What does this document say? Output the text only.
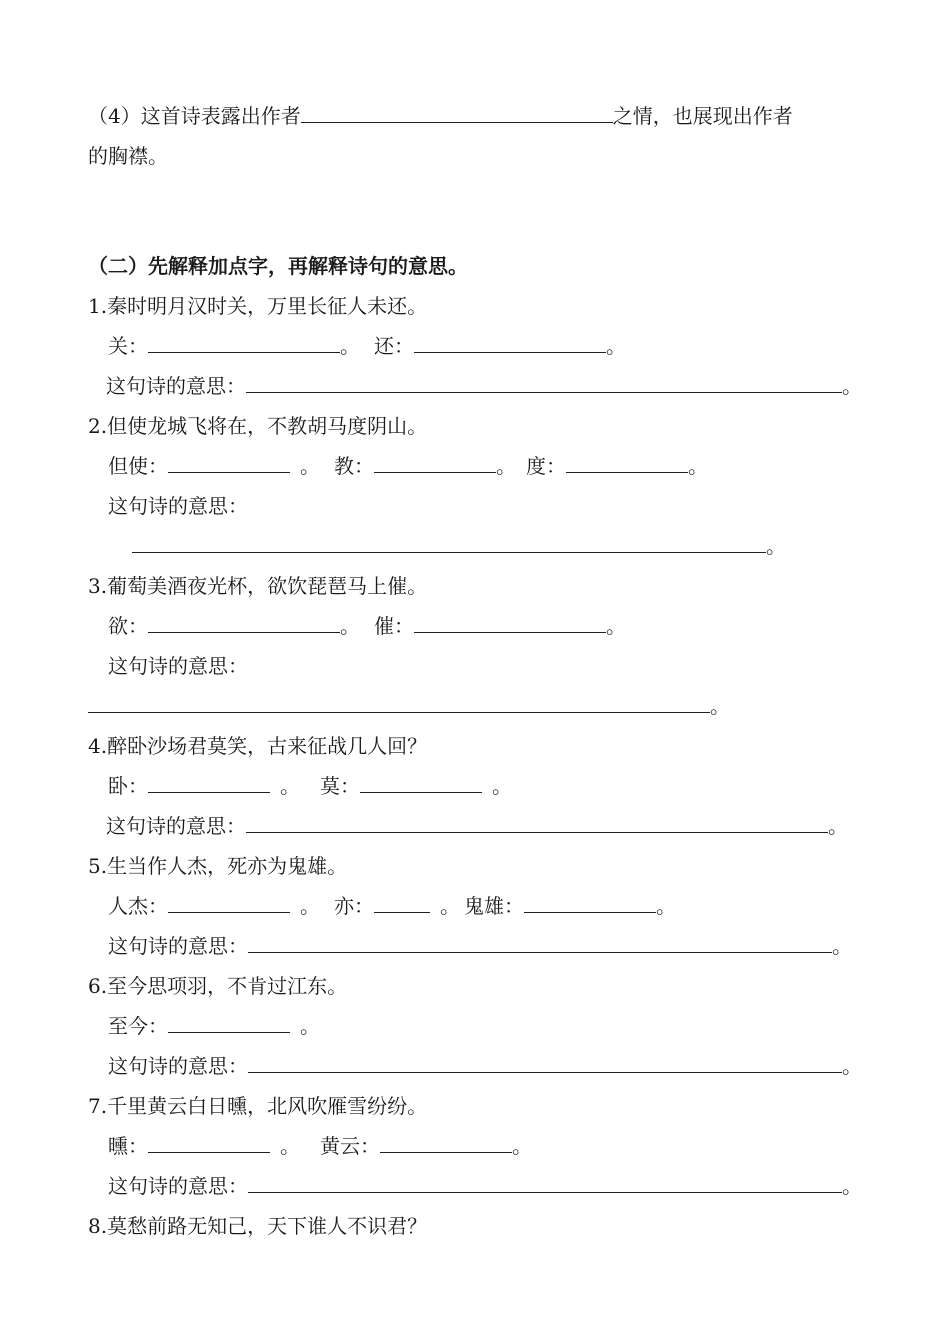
（4）这首诗表露出作者	之情，也展现出作者
的胸襟。
（二）先解释加点字，再解释诗句的意思。
1.秦时明月汉时关，万里长征人未还。
关：	。 还：	。
这句诗的意思：	。
2.但使龙城飞将在，不教胡马度阴山。
但使：	。 教：	。 度：	。
这句诗的意思：
。
3.葡萄美酒夜光杯，欲饮琵琶马上催。
欲：	。 催：	。
这句诗的意思：
。
4.醉卧沙场君莫笑，古来征战几人回？
卧：	。 莫：	。
这句诗的意思：	。
5.生当作人杰，死亦为鬼雄。
人杰：	。 亦：	。 鬼雄：	。
这句诗的意思：	。
6.至今思项羽，不肯过江东。
至今：	。
这句诗的意思：	。
7.千里黄云白日曛，北风吹雁雪纷纷。
曛：	。 黄云：	。
这句诗的意思：	。
8.莫愁前路无知己，天下谁人不识君？
